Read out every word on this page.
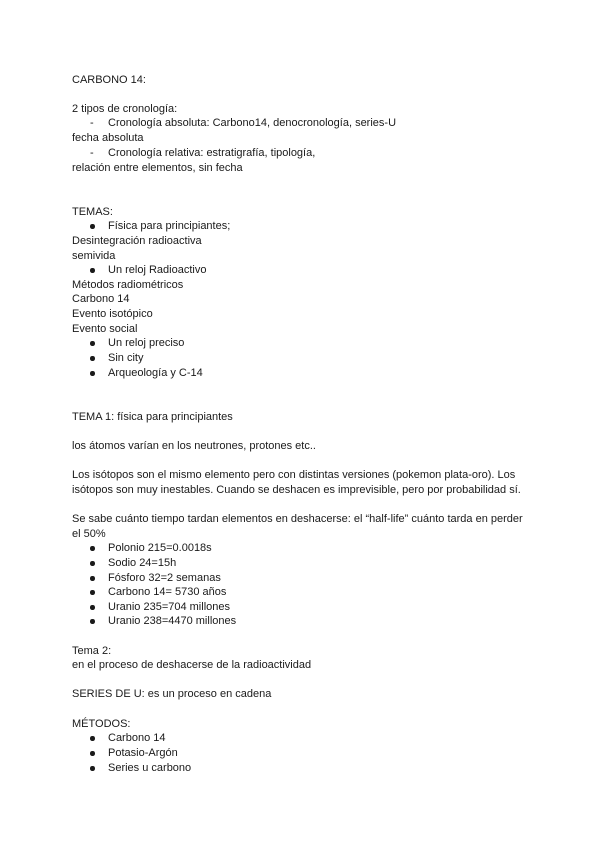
CARBONO 14:
2 tipos de cronología:
- Cronología absoluta: Carbono14, denocronología, series-U
fecha absoluta
- Cronología relativa: estratigrafía, tipología,
relación entre elementos, sin fecha
TEMAS:
Física para principiantes;
Desintegración radioactiva
semivida
Un reloj Radioactivo
Métodos radiométricos
Carbono 14
Evento isotópico
Evento social
Un reloj preciso
Sin city
Arqueología y C-14
TEMA 1: física para principiantes
los átomos varían en los neutrones, protones etc..
Los isótopos son el mismo elemento pero con distintas versiones (pokemon plata-oro). Los
isótopos son muy inestables. Cuando se deshacen es imprevisible, pero por probabilidad sí.
Se sabe cuánto tiempo tardan elementos en deshacerse: el “half-life” cuánto tarda en perder
el 50%
Polonio 215=0.0018s
Sodio 24=15h
Fósforo 32=2 semanas
Carbono 14= 5730 años
Uranio 235=704 millones
Uranio 238=4470 millones
Tema 2:
en el proceso de deshacerse de la radioactividad
SERIES DE U: es un proceso en cadena
MÉTODOS:
Carbono 14
Potasio-Argón
Series u carbono
